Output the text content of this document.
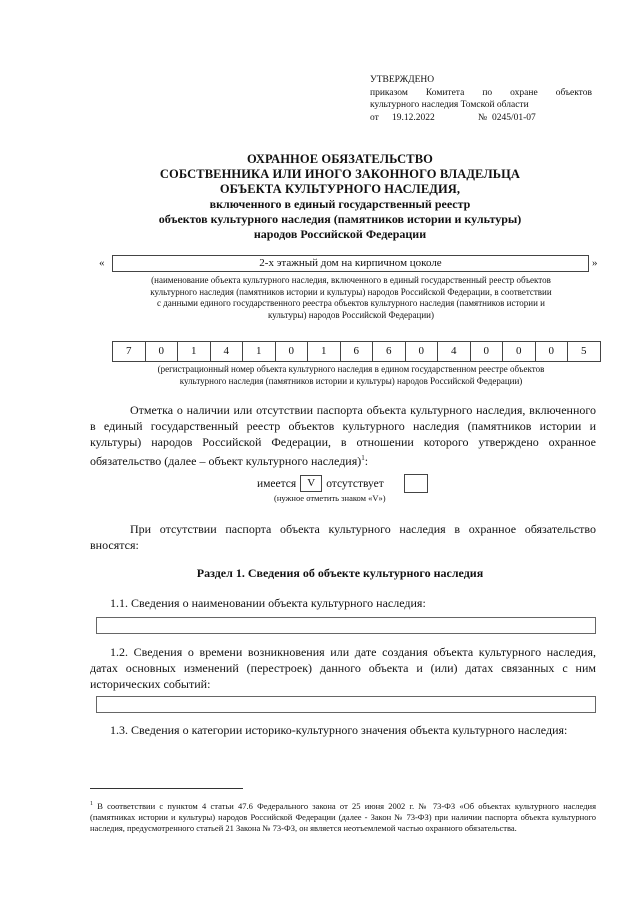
УТВЕРЖДЕНО
приказом Комитета по охране объектов
культурного наследия Томской области
от	19.12.2022	№ 0245/01-07
ОХРАННОЕ ОБЯЗАТЕЛЬСТВО
СОБСТВЕННИКА ИЛИ ИНОГО ЗАКОННОГО ВЛАДЕЛЬЦА
ОБЪЕКТА КУЛЬТУРНОГО НАСЛЕДИЯ,
включенного в единый государственный реестр
объектов культурного наследия (памятников истории и культуры)
народов Российской Федерации
«	2-х этажный дом на кирпичном цоколе	»
(наименование объекта культурного наследия, включенного в единый государственный реестр объектов
культурного наследия (памятников истории и культуры) народов Российской Федерации, в соответствии
с данными единого государственного реестра объектов культурного наследия (памятников истории и
культуры) народов Российской Федерации)
7	0	1	4	1	0	1	6	6	0	4	0	0	0	5
(регистрационный номер объекта культурного наследия в едином государственном реестре объектов
культурного наследия (памятников истории и культуры) народов Российской Федерации)
Отметка о наличии или отсутствии паспорта объекта культурного наследия, включенного в единый государственный реестр объектов культурного наследия (памятников истории и культуры) народов Российской Федерации, в отношении которого утверждено охранное обязательство (далее – объект культурного наследия)$^1$:
имеется	V отсутствует
(нужное отметить знаком «V»)
При отсутствии паспорта объекта культурного наследия в охранное обязательство вносятся:
Раздел 1. Сведения об объекте культурного наследия
1.1. Сведения о наименовании объекта культурного наследия:
1.2. Сведения о времени возникновения или дате создания объекта культурного наследия, датах основных изменений (перестроек) данного объекта и (или) датах связанных с ним исторических событий:
1.3. Сведения о категории историко-культурного значения объекта культурного наследия:
$^1$ В соответствии с пунктом 4 статьи 47.6 Федерального закона от 25 июня 2002 г. № 73-ФЗ «Об объектах культурного наследия (памятниках истории и культуры) народов Российской Федерации (далее - Закон № 73-ФЗ) при наличии паспорта объекта культурного наследия, предусмотренного статьей 21 Закона № 73-ФЗ, он является неотъемлемой частью охранного обязательства.
